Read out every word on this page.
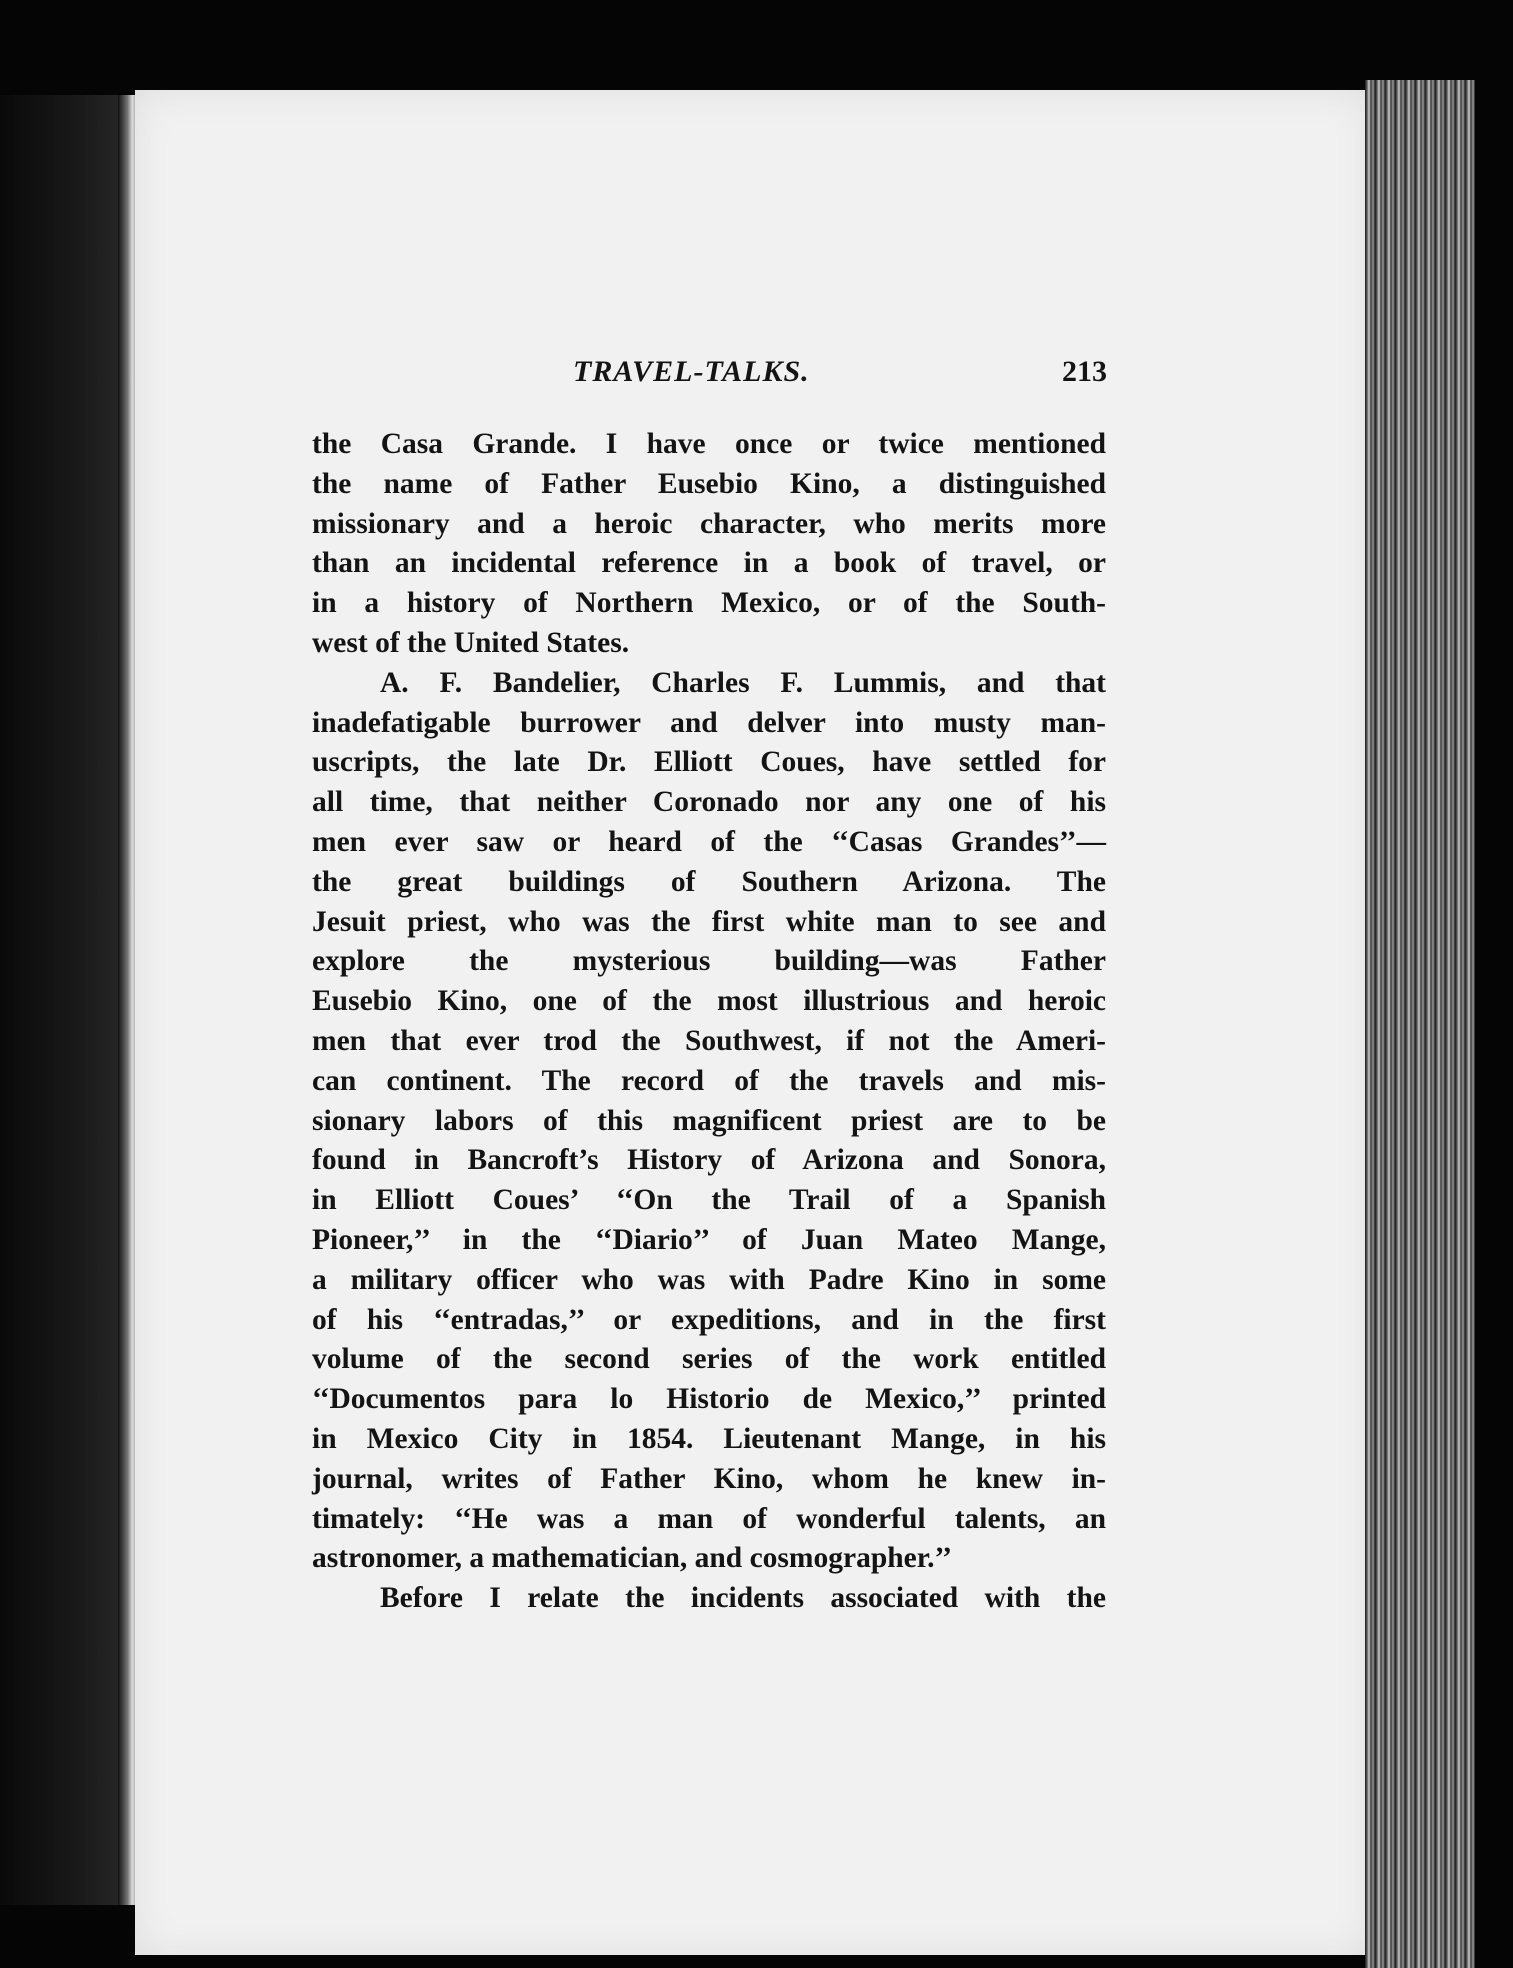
TRAVEL-TALKS.	213
the Casa Grande. I have once or twice mentioned
the name of Father Eusebio Kino, a distinguished
missionary and a heroic character, who merits more
than an incidental reference in a book of travel, or
in a history of Northern Mexico, or of the South-
west of the United States.
A. F. Bandelier, Charles F. Lummis, and that
inadefatigable burrower and delver into musty man-
uscripts, the late Dr. Elliott Coues, have settled for
all time, that neither Coronado nor any one of his
men ever saw or heard of the ‘‘Casas Grandes’’—
the great buildings of Southern Arizona. The
Jesuit priest, who was the first white man to see and
explore the mysterious building—was Father
Eusebio Kino, one of the most illustrious and heroic
men that ever trod the Southwest, if not the Ameri-
can continent. The record of the travels and mis-
sionary labors of this magnificent priest are to be
found in Bancroft’s History of Arizona and Sonora,
in Elliott Coues’ ‘‘On the Trail of a Spanish
Pioneer,’’ in the ‘‘Diario’’ of Juan Mateo Mange,
a military officer who was with Padre Kino in some
of his ‘‘entradas,’’ or expeditions, and in the first
volume of the second series of the work entitled
‘‘Documentos para lo Historio de Mexico,’’ printed
in Mexico City in 1854. Lieutenant Mange, in his
journal, writes of Father Kino, whom he knew in-
timately: ‘‘He was a man of wonderful talents, an
astronomer, a mathematician, and cosmographer.’’
Before I relate the incidents associated with the
